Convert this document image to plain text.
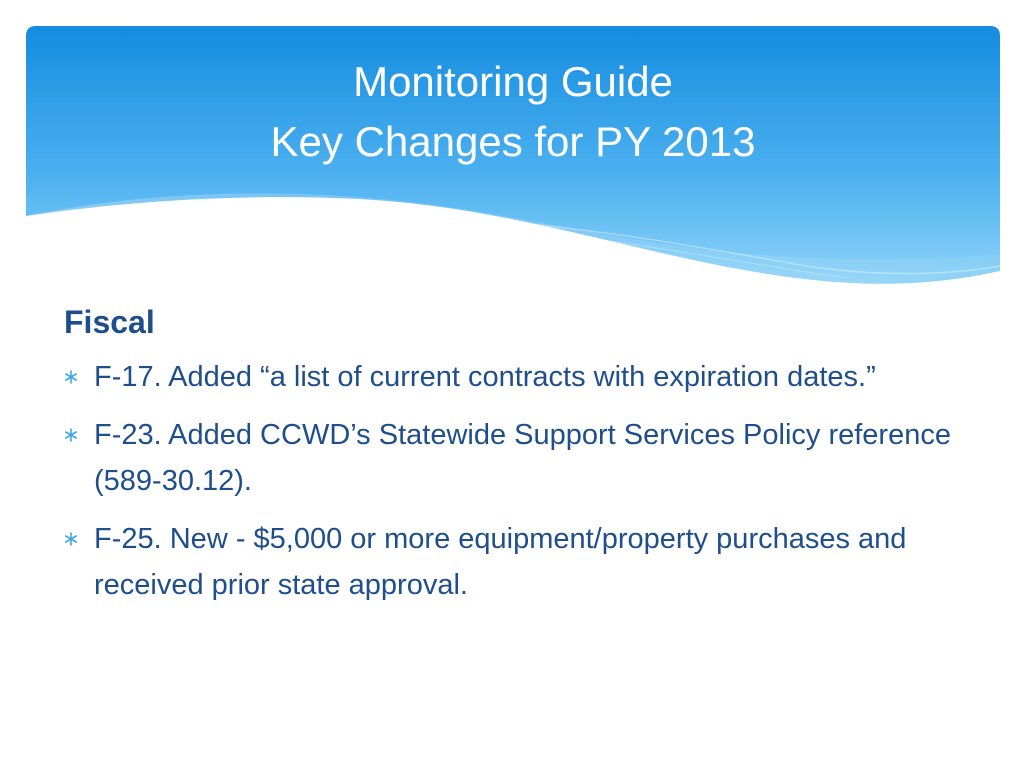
Monitoring Guide
Key Changes for PY 2013
Fiscal
F-17. Added “a list of current contracts with expiration dates.”
F-23. Added CCWD’s Statewide Support Services Policy reference (589-30.12).
F-25. New - $5,000 or more equipment/property purchases and received prior state approval.
